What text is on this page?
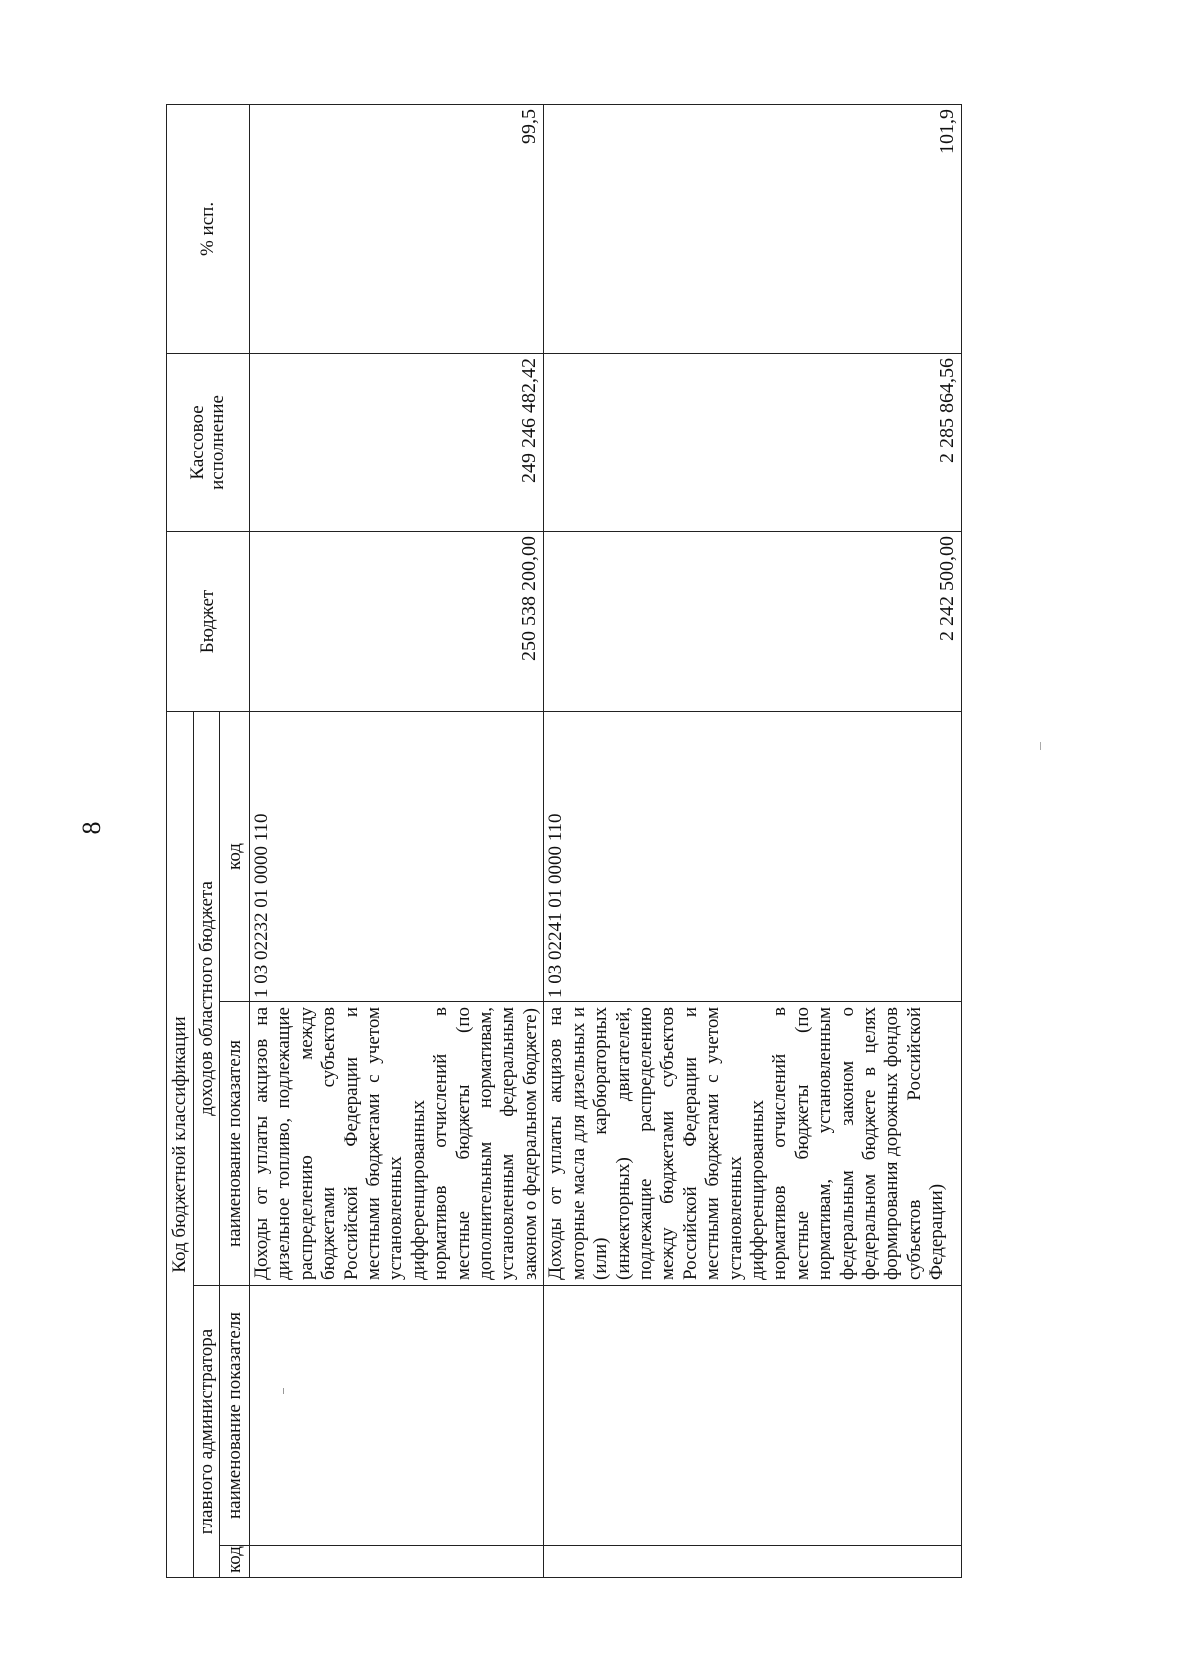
8
Код бюджетной классификации				Бюджет	Кассовое исполнение	% исп.
главного администратора		доходов областного бюджета				
код	наименование показателя	наименование показателя	код			
		Доходы от уплаты акцизов на дизельное топливо, подлежащие распределению между бюджетами субъектов Российской Федерации и местными бюджетами с учетом установленных дифференцированных нормативов отчислений в местные бюджеты (по дополнительным нормативам, установленным федеральным законом о федеральном бюджете)	1 03 02232 01 0000 110	250 538 200,00	249 246 482,42	99,5
		Доходы от уплаты акцизов на моторные масла для дизельных и (или) карбюраторных (инжекторных) двигателей, подлежащие распределению между бюджетами субъектов Российской Федерации и местными бюджетами с учетом установленных дифференцированных нормативов отчислений в местные бюджеты (по нормативам, установленным федеральным законом о федеральном бюджете в целях формирования дорожных фондов субъектов Российской Федерации)	1 03 02241 01 0000 110	2 242 500,00	2 285 864,56	101,9
